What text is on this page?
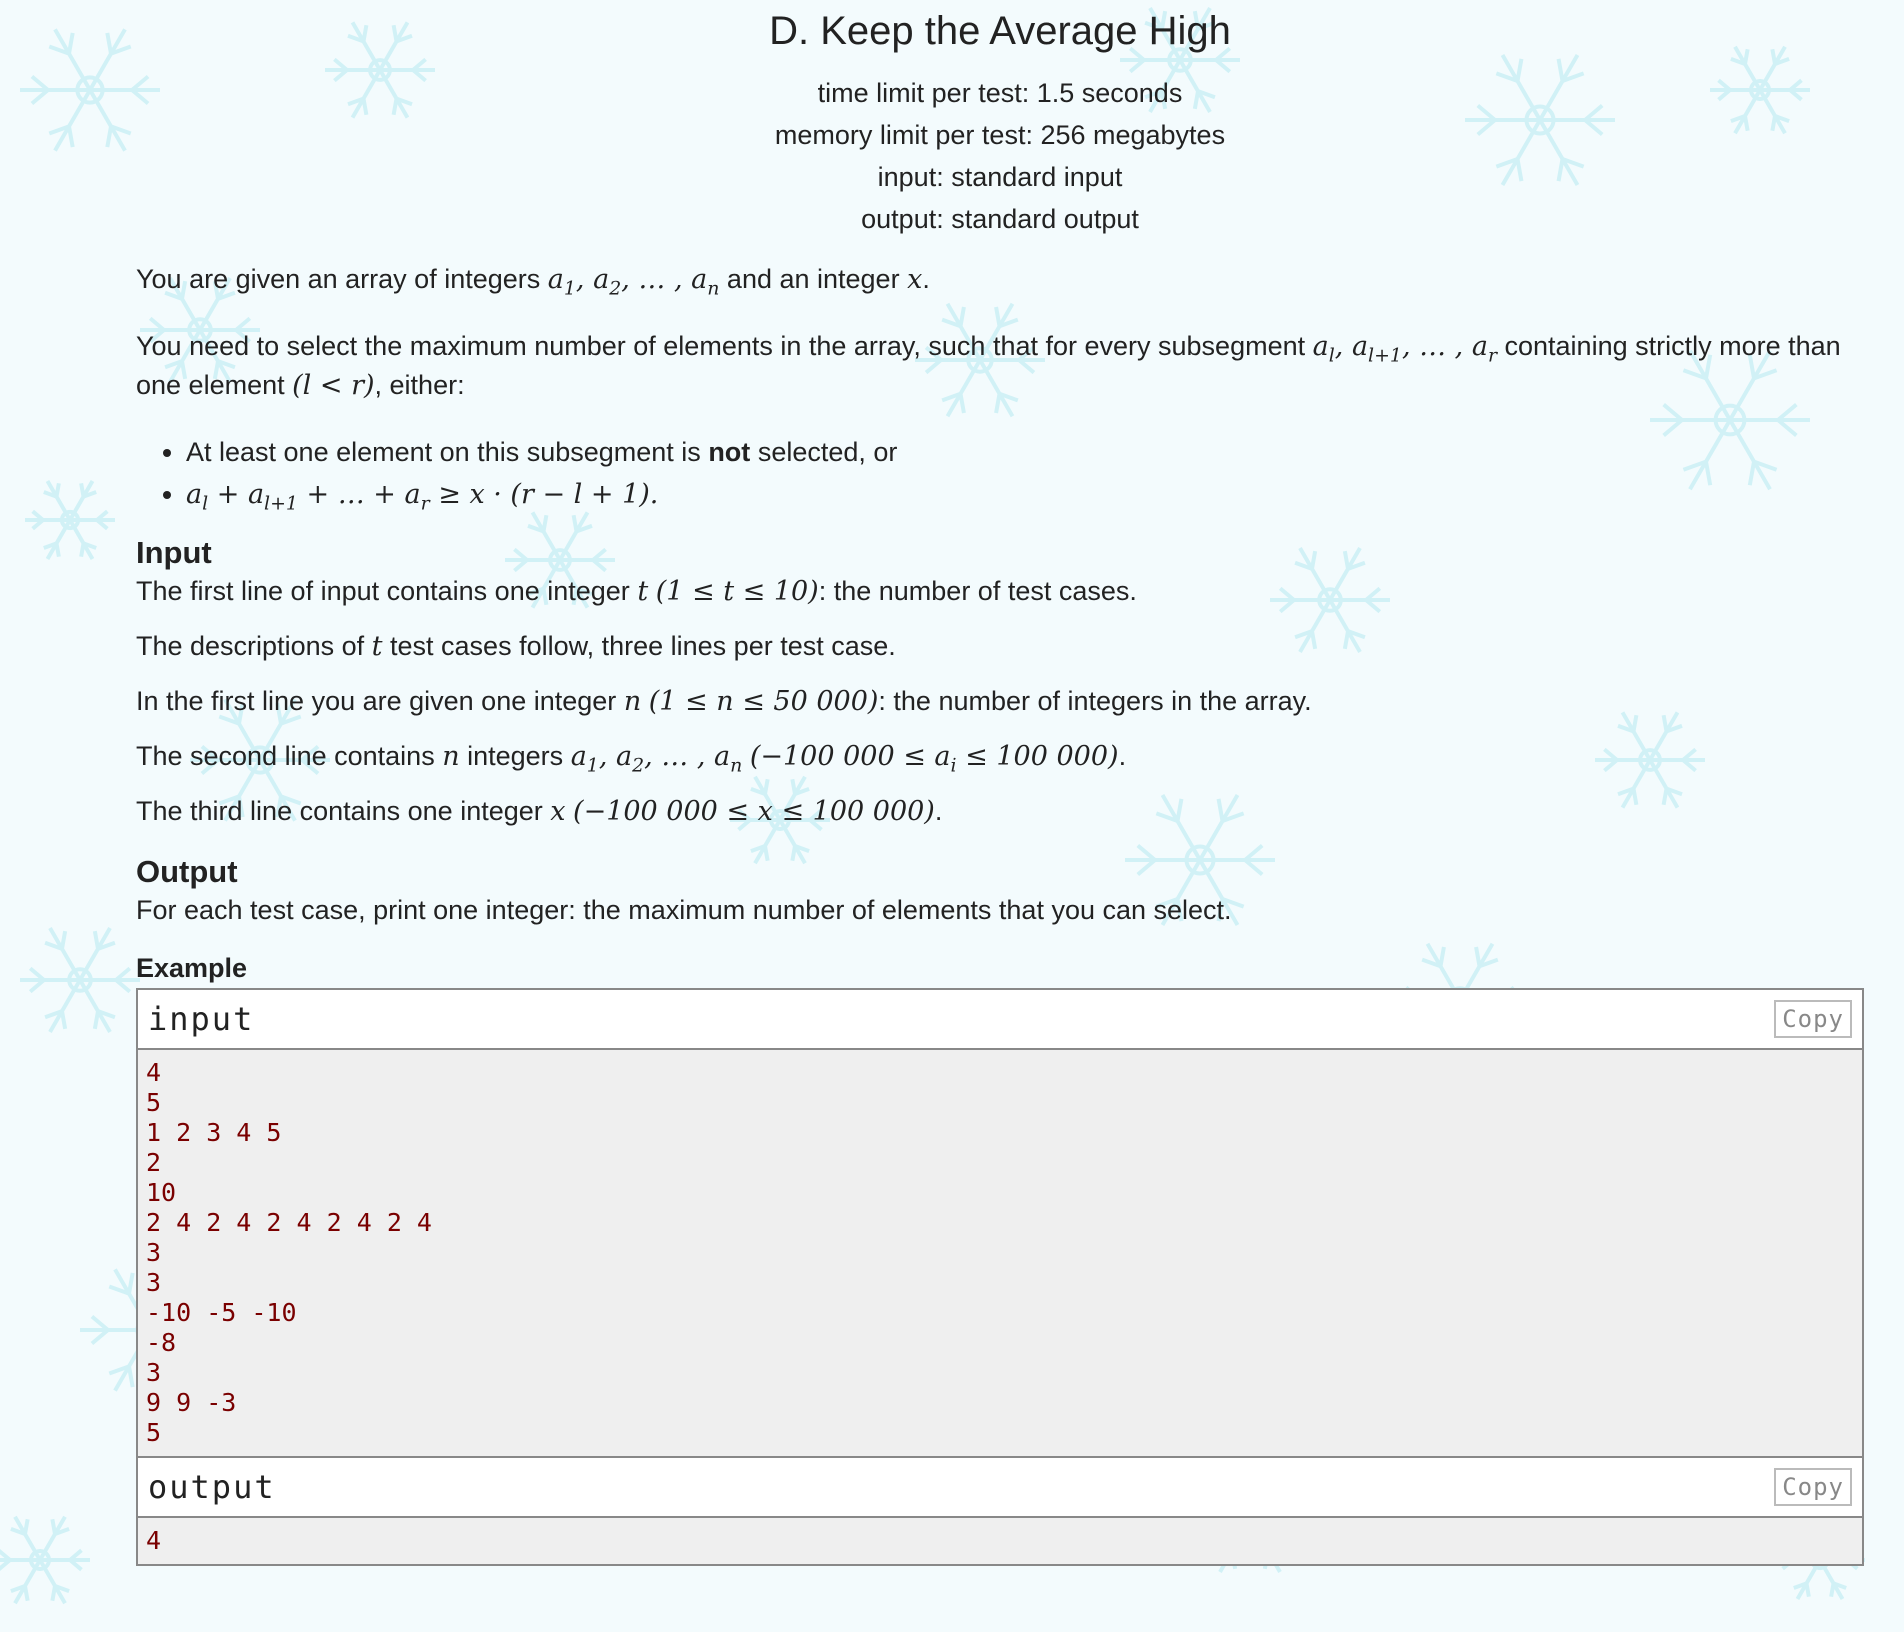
D. Keep the Average High
time limit per test: 1.5 seconds
memory limit per test: 256 megabytes
input: standard input
output: standard output

You are given an array of integers $a_1$, $a_2$, … , $a_n$ and an integer x.

You need to select the maximum number of elements in the array, such that for every subsegment $a_l$, $a_{l+1}$, … , $a_r$ containing strictly more than one element (l < r), either:

• At least one element on this subsegment is not selected, or
• $a_l + a_{l+1}$ + … + $a_r \ge x \cdot (r - l + 1)$.
Input

The first line of input contains one integer t (1 ≤ t ≤ 10): the number of test cases.

The descriptions of t test cases follow, three lines per test case.

In the first line you are given one integer n (1 ≤ n ≤ 50 000): the number of integers in the array.

The second line contains n integers $a_1$, $a_2$, … , $a_n$ (−100 $000 \le a_i \le 100$ 000).

The third line contains one integer x (−100 000 ≤ x ≤ 100 000).

Output

For each test case, print one integer: the maximum number of elements that you can select.

Example
input	Copy
4
5
1 2 3 4 5
2
10
2 4 2 4 2 4 2 4 2 4
3
3
-10 -5 -10
-8
3
9 9 -3
5
output	Copy
4
